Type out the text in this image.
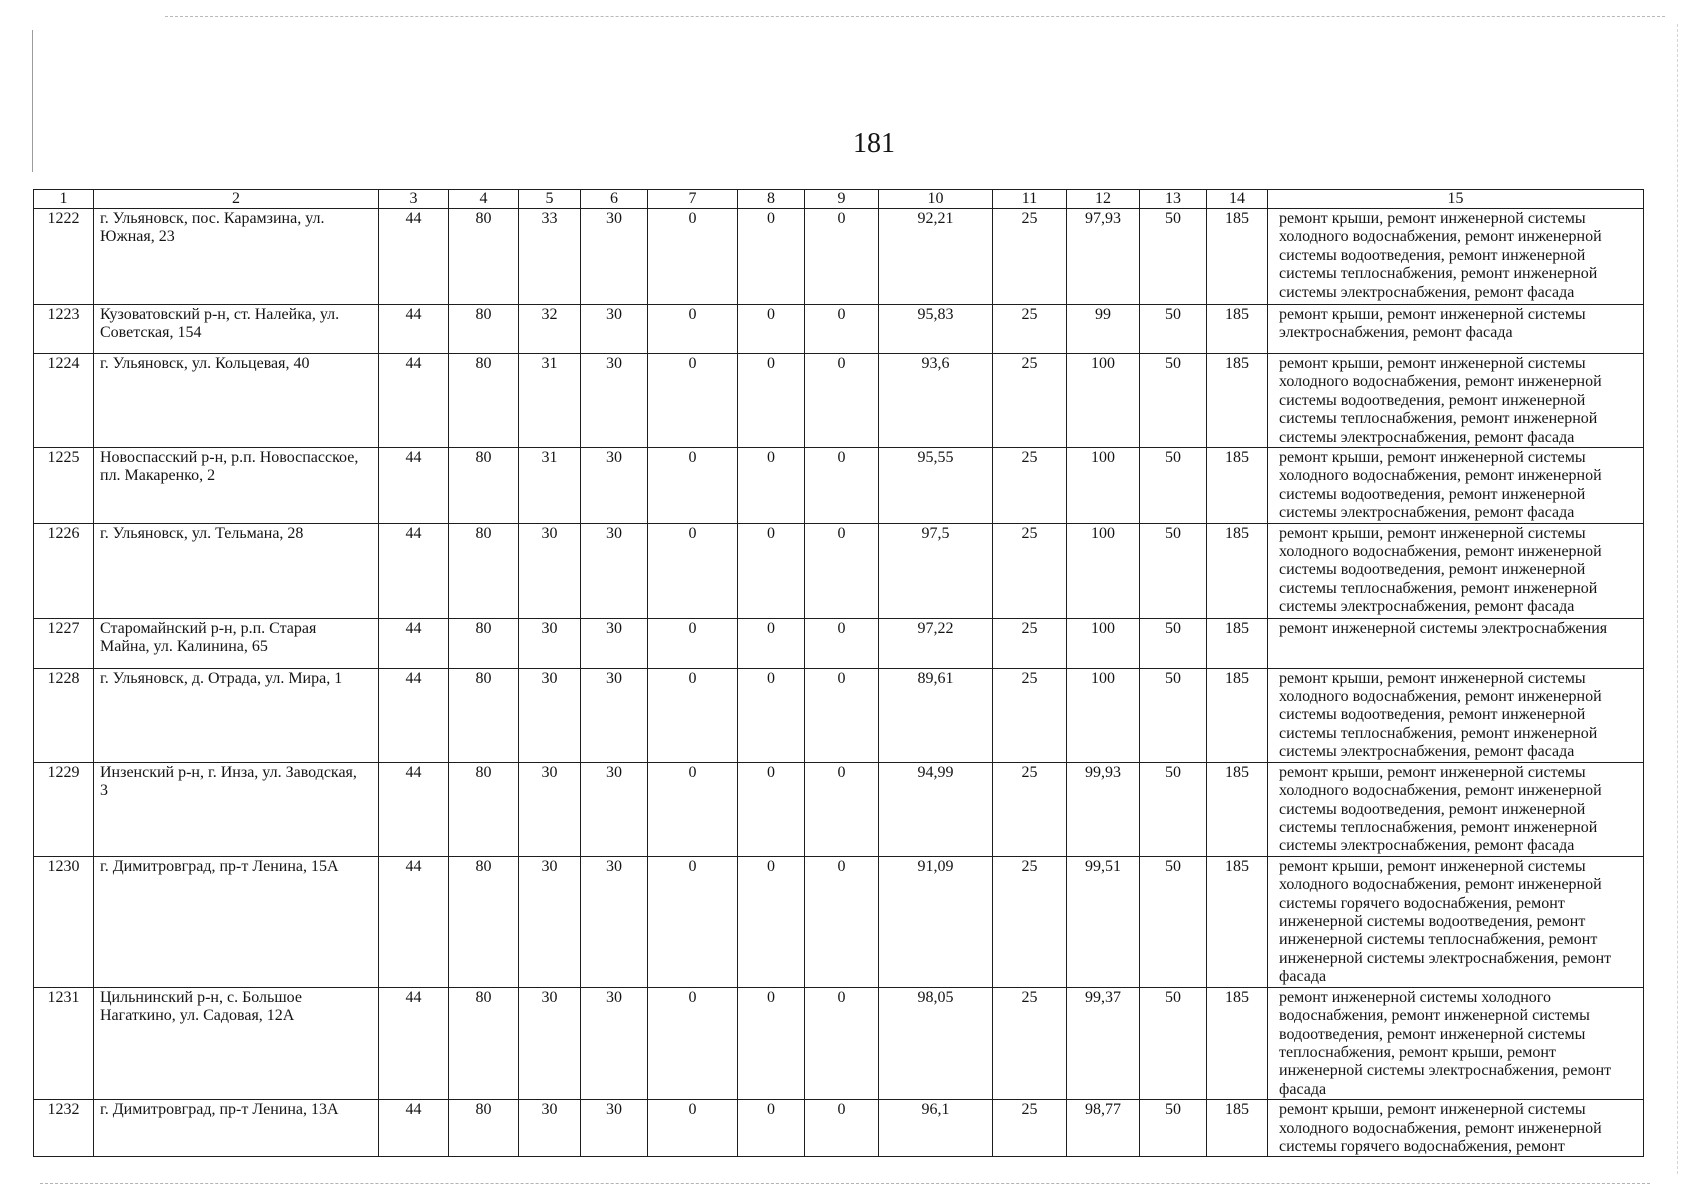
181
1	2	3	4	5	6	7	8	9	10	11	12	13	14	15
1222	г. Ульяновск, пос. Карамзина, ул. Южная, 23	44	80	33	30	0	0	0	92,21	25	97,93	50	185	ремонт крыши, ремонт инженерной системы холодного водоснабжения, ремонт инженерной системы водоотведения, ремонт инженерной системы теплоснабжения, ремонт инженерной системы электроснабжения, ремонт фасада
1223	Кузоватовский р-н, ст. Налейка, ул. Советская, 154	44	80	32	30	0	0	0	95,83	25	99	50	185	ремонт крыши, ремонт инженерной системы электроснабжения, ремонт фасада
1224	г. Ульяновск, ул. Кольцевая, 40	44	80	31	30	0	0	0	93,6	25	100	50	185	ремонт крыши, ремонт инженерной системы холодного водоснабжения, ремонт инженерной системы водоотведения, ремонт инженерной системы теплоснабжения, ремонт инженерной системы электроснабжения, ремонт фасада
1225	Новоспасский р-н, р.п. Новоспасское, пл. Макаренко, 2	44	80	31	30	0	0	0	95,55	25	100	50	185	ремонт крыши, ремонт инженерной системы холодного водоснабжения, ремонт инженерной системы водоотведения, ремонт инженерной системы электроснабжения, ремонт фасада
1226	г. Ульяновск, ул. Тельмана, 28	44	80	30	30	0	0	0	97,5	25	100	50	185	ремонт крыши, ремонт инженерной системы холодного водоснабжения, ремонт инженерной системы водоотведения, ремонт инженерной системы теплоснабжения, ремонт инженерной системы электроснабжения, ремонт фасада
1227	Старомайнский р-н, р.п. Старая Майна, ул. Калинина, 65	44	80	30	30	0	0	0	97,22	25	100	50	185	ремонт инженерной системы электроснабжения
1228	г. Ульяновск, д. Отрада, ул. Мира, 1	44	80	30	30	0	0	0	89,61	25	100	50	185	ремонт крыши, ремонт инженерной системы холодного водоснабжения, ремонт инженерной системы водоотведения, ремонт инженерной системы теплоснабжения, ремонт инженерной системы электроснабжения, ремонт фасада
1229	Инзенский р-н, г. Инза, ул. Заводская, 3	44	80	30	30	0	0	0	94,99	25	99,93	50	185	ремонт крыши, ремонт инженерной системы холодного водоснабжения, ремонт инженерной системы водоотведения, ремонт инженерной системы теплоснабжения, ремонт инженерной системы электроснабжения, ремонт фасада
1230	г. Димитровград, пр-т Ленина, 15А	44	80	30	30	0	0	0	91,09	25	99,51	50	185	ремонт крыши, ремонт инженерной системы холодного водоснабжения, ремонт инженерной системы горячего водоснабжения, ремонт инженерной системы водоотведения, ремонт инженерной системы теплоснабжения, ремонт инженерной системы электроснабжения, ремонт фасада
1231	Цильнинский р-н, с. Большое Нагаткино, ул. Садовая, 12А	44	80	30	30	0	0	0	98,05	25	99,37	50	185	ремонт инженерной системы холодного водоснабжения, ремонт инженерной системы водоотведения, ремонт инженерной системы теплоснабжения, ремонт крыши, ремонт инженерной системы электроснабжения, ремонт фасада
1232	г. Димитровград, пр-т Ленина, 13А	44	80	30	30	0	0	0	96,1	25	98,77	50	185	ремонт крыши, ремонт инженерной системы холодного водоснабжения, ремонт инженерной системы горячего водоснабжения, ремонт
